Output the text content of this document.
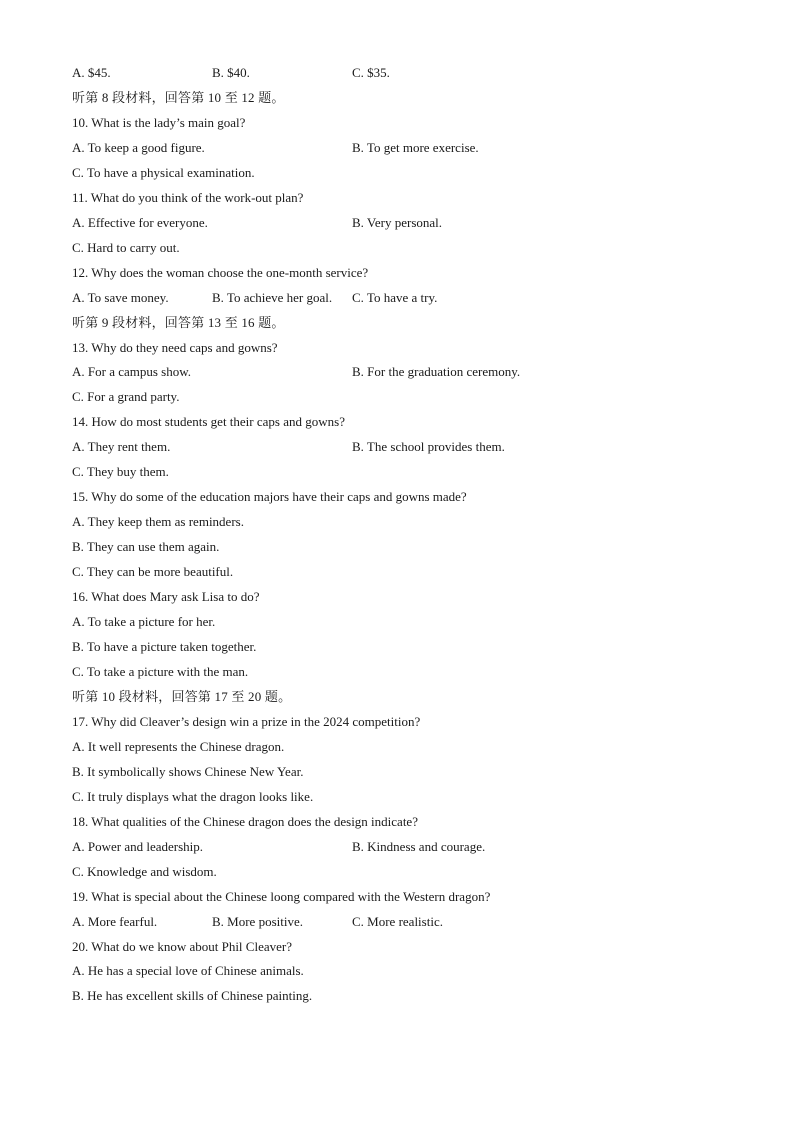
A. $45.	B. $40.	C. $35.
听第 8 段材料，回答第 10 至 12 题。
10. What is the lady’s main goal?
A. To keep a good figure.	B. To get more exercise.
C. To have a physical examination.
11. What do you think of the work-out plan?
A. Effective for everyone.	B. Very personal.
C. Hard to carry out.
12. Why does the woman choose the one-month service?
A. To save money.	B. To achieve her goal. C. To have a try.
听第 9 段材料，回答第 13 至 16 题。
13. Why do they need caps and gowns?
A. For a campus show.	B. For the graduation ceremony.
C. For a grand party.
14. How do most students get their caps and gowns?
A. They rent them.	B. The school provides them.
C. They buy them.
15. Why do some of the education majors have their caps and gowns made?
A. They keep them as reminders.
B. They can use them again.
C. They can be more beautiful.
16. What does Mary ask Lisa to do?
A. To take a picture for her.
B. To have a picture taken together.
C. To take a picture with the man.
听第 10 段材料，回答第 17 至 20 题。
17. Why did Cleaver’s design win a prize in the 2024 competition?
A. It well represents the Chinese dragon.
B. It symbolically shows Chinese New Year.
C. It truly displays what the dragon looks like.
18. What qualities of the Chinese dragon does the design indicate?
A. Power and leadership.	B. Kindness and courage.
C. Knowledge and wisdom.
19. What is special about the Chinese loong compared with the Western dragon?
A. More fearful.	B. More positive.	C. More realistic.
20. What do we know about Phil Cleaver?
A. He has a special love of Chinese animals.
B. He has excellent skills of Chinese painting.
